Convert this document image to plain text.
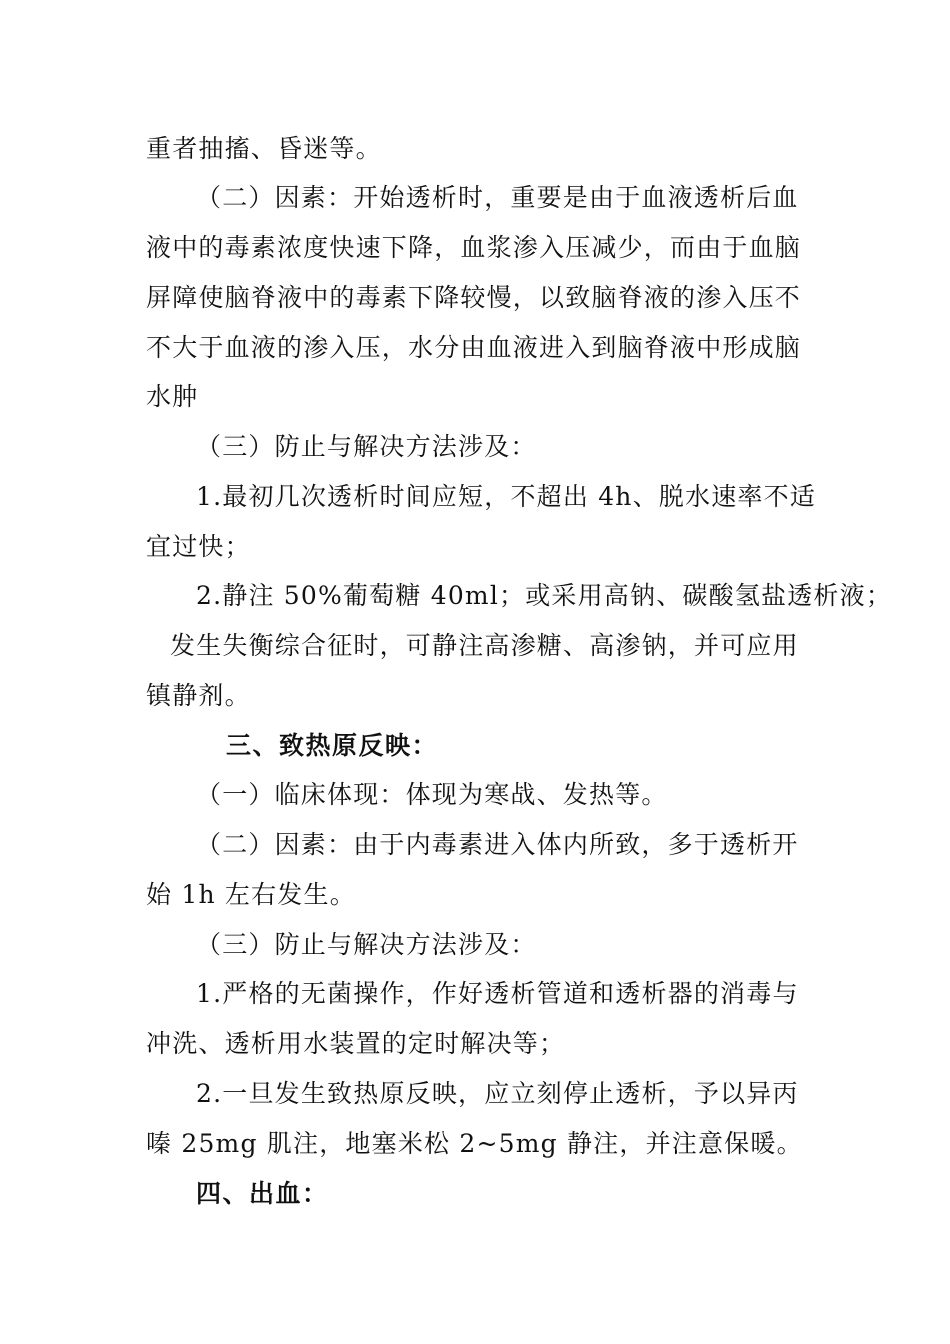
重者抽搐、昏迷等。
（二）因素：开始透析时，重要是由于血液透析后血
液中的毒素浓度快速下降，血浆渗入压减少，而由于血脑
屏障使脑脊液中的毒素下降较慢，以致脑脊液的渗入压不
不大于血液的渗入压，水分由血液进入到脑脊液中形成脑
水肿
（三）防止与解决方法涉及：
1.最初几次透析时间应短，不超出 4h、脱水速率不适
宜过快；
2.静注 50%葡萄糖 40ml；或采用高钠、碳酸氢盐透析液；
发生失衡综合征时，可静注高渗糖、高渗钠，并可应用
镇静剂。
三、致热原反映：
（一）临床体现：体现为寒战、发热等。
（二）因素：由于内毒素进入体内所致，多于透析开
始 1h 左右发生。
（三）防止与解决方法涉及：
1.严格的无菌操作，作好透析管道和透析器的消毒与
冲洗、透析用水装置的定时解决等；
2.一旦发生致热原反映，应立刻停止透析，予以异丙
嗪 25mg 肌注，地塞米松 2~5mg 静注，并注意保暖。
四、出血：
